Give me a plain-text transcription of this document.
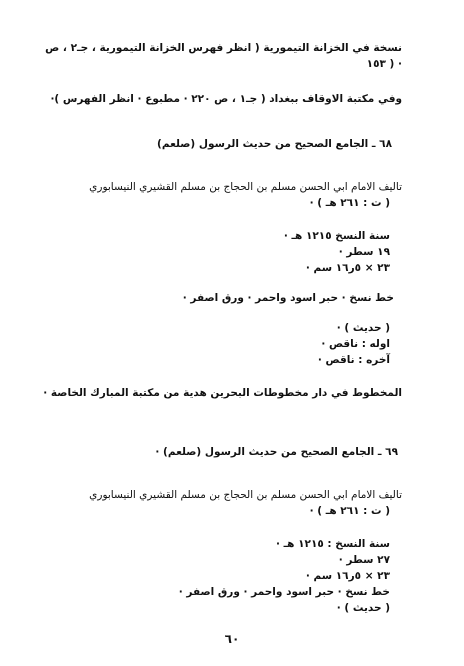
نسخة في الخزانة التيمورية ( انظر فهرس الخزانة التيمورية ، جـ٢ ، ص
١٥٣ ) ·
وفي مكتبة الاوقاف ببغداد ( جـ١ ، ص ٢٢٠ · مطبوع · انظر الفهرس )·
٦٨ ـ الجامع الصحيح من حديث الرسول (صلعم)
تاليف الامام ابي الحسن مسلم بن الحجاج بن مسلم القشيري النيسابوري
( ت : ٢٦١ هـ ) ·
سنة النسخ ١٢١٥ هـ ·
١٩ سطر ·
٢٣ × ٥ر١٦ سم ·
خط نسخ · حبر اسود واحمر · ورق اصفر ·
( حديث ) ·
اوله : ناقص ·
آخره : ناقص ·
المخطوط في دار مخطوطات البحرين هدية من مكتبة المبارك الخاصة ·
٦٩ ـ الجامع الصحيح من حديث الرسول (صلعم) ·
تاليف الامام ابي الحسن مسلم بن الحجاج بن مسلم القشيري النيسابوري
( ت : ٢٦١ هـ ) ·
سنة النسخ : ١٢١٥ هـ ·
٢٧ سطر ·
٢٣ × ٥ر١٦ سم ·
خط نسخ · حبر اسود واحمر · ورق اصفر ·
( حديث ) ·
٦٠
